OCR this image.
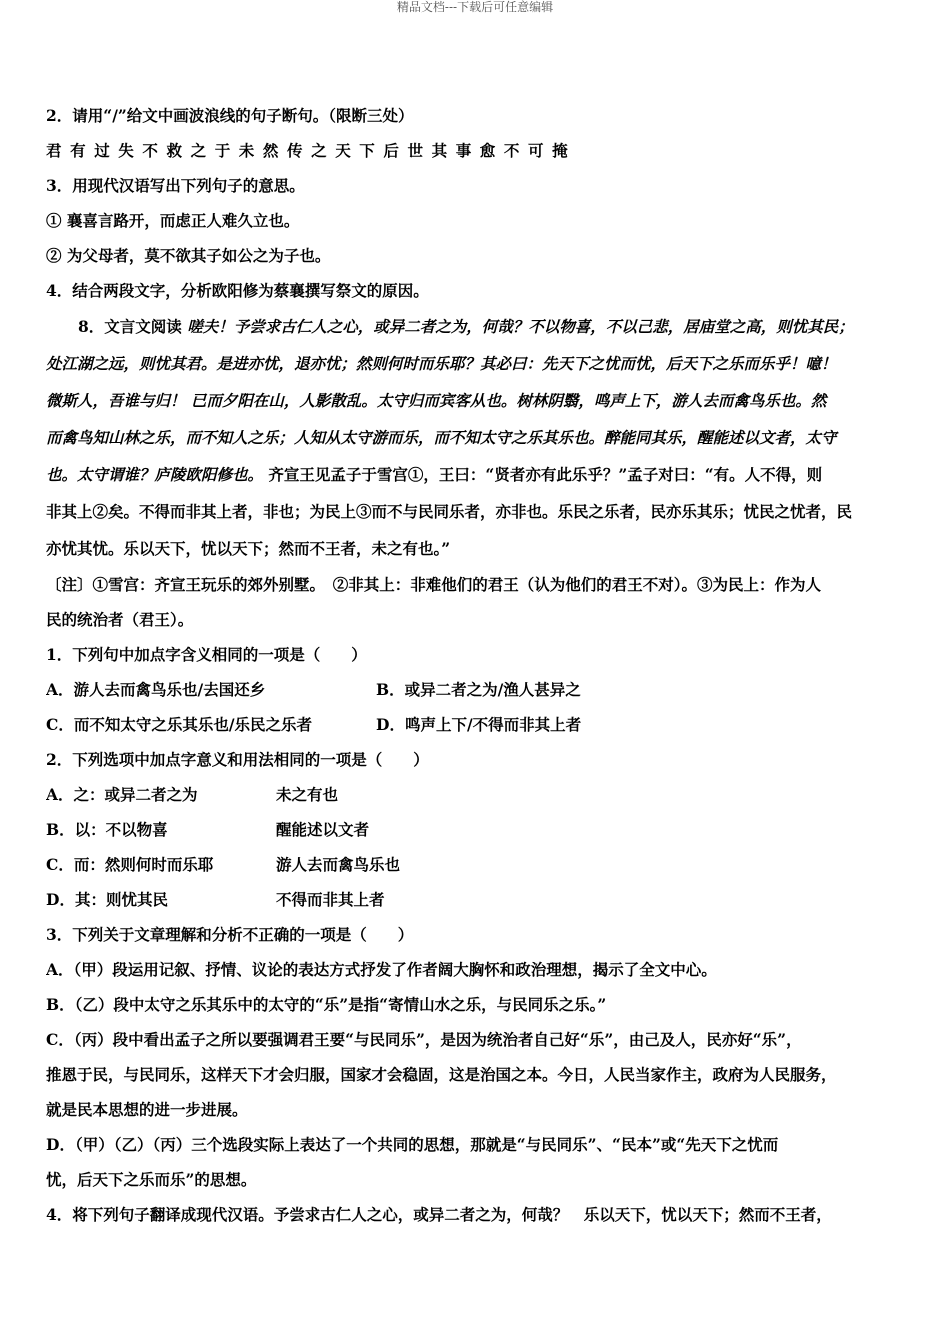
精品文档---下载后可任意编辑
2．请用“/”给文中画波浪线的句子断句。（限断三处）
君有过失不救之于未然传之天下后世其事愈不可掩
3．用现代汉语写出下列句子的意思。
① 襄喜言路开，而虑正人难久立也。
② 为父母者，莫不欲其子如公之为子也。
4．结合两段文字，分析欧阳修为蔡襄撰写祭文的原因。
8．文言文阅读 嗟夫！予尝求古仁人之心，或异二者之为，何哉？不以物喜，不以己悲，居庙堂之高，则忧其民；
处江湖之远，则忧其君。是进亦忧，退亦忧；然则何时而乐耶？其必曰：先天下之忧而忧，后天下之乐而乐乎！噫！
微斯人，吾谁与归！ 已而夕阳在山，人影散乱。太守归而宾客从也。树林阴翳，鸣声上下，游人去而禽鸟乐也。然
而禽鸟知山林之乐，而不知人之乐；人知从太守游而乐，而不知太守之乐其乐也。醉能同其乐，醒能述以文者，太守
也。太守谓谁？庐陵欧阳修也。 齐宣王见孟子于雪宫①，王曰：“贤者亦有此乐乎？”孟子对曰：“有。人不得，则
非其上②矣。不得而非其上者，非也；为民上③而不与民同乐者，亦非也。乐民之乐者，民亦乐其乐；忧民之忧者，民
亦忧其忧。乐以天下，忧以天下；然而不王者，未之有也。”
〔注〕①雪宫：齐宣王玩乐的郊外别墅。　②非其上：非难他们的君王（认为他们的君王不对）。③为民上：作为人
民的统治者（君王）。
1．下列句中加点字含义相同的一项是（　　）
A．游人去而禽鸟乐也/去国还乡	B．或异二者之为/渔人甚异之
C．而不知太守之乐其乐也/乐民之乐者	D．鸣声上下/不得而非其上者
2．下列选项中加点字意义和用法相同的一项是（　　）
A．之：或异二者之为	未之有也
B．以：不以物喜	醒能述以文者
C．而：然则何时而乐耶	游人去而禽鸟乐也
D．其：则忧其民	不得而非其上者
3．下列关于文章理解和分析不正确的一项是（　　）
A．（甲）段运用记叙、抒情、议论的表达方式抒发了作者阔大胸怀和政治理想，揭示了全文中心。
B．（乙）段中太守之乐其乐中的太守的“乐”是指“寄情山水之乐，与民同乐之乐。”
C．（丙）段中看出孟子之所以要强调君王要“与民同乐”，是因为统治者自己好“乐”，由己及人，民亦好“乐”，
推恩于民，与民同乐，这样天下才会归服，国家才会稳固，这是治国之本。今日，人民当家作主，政府为人民服务，
就是民本思想的进一步进展。
D．（甲）（乙）（丙）三个选段实际上表达了一个共同的思想，那就是“与民同乐”、“民本”或“先天下之忧而
忧，后天下之乐而乐”的思想。
4．将下列句子翻译成现代汉语。予尝求古仁人之心，或异二者之为，何哉？　乐以天下，忧以天下；然而不王者，
